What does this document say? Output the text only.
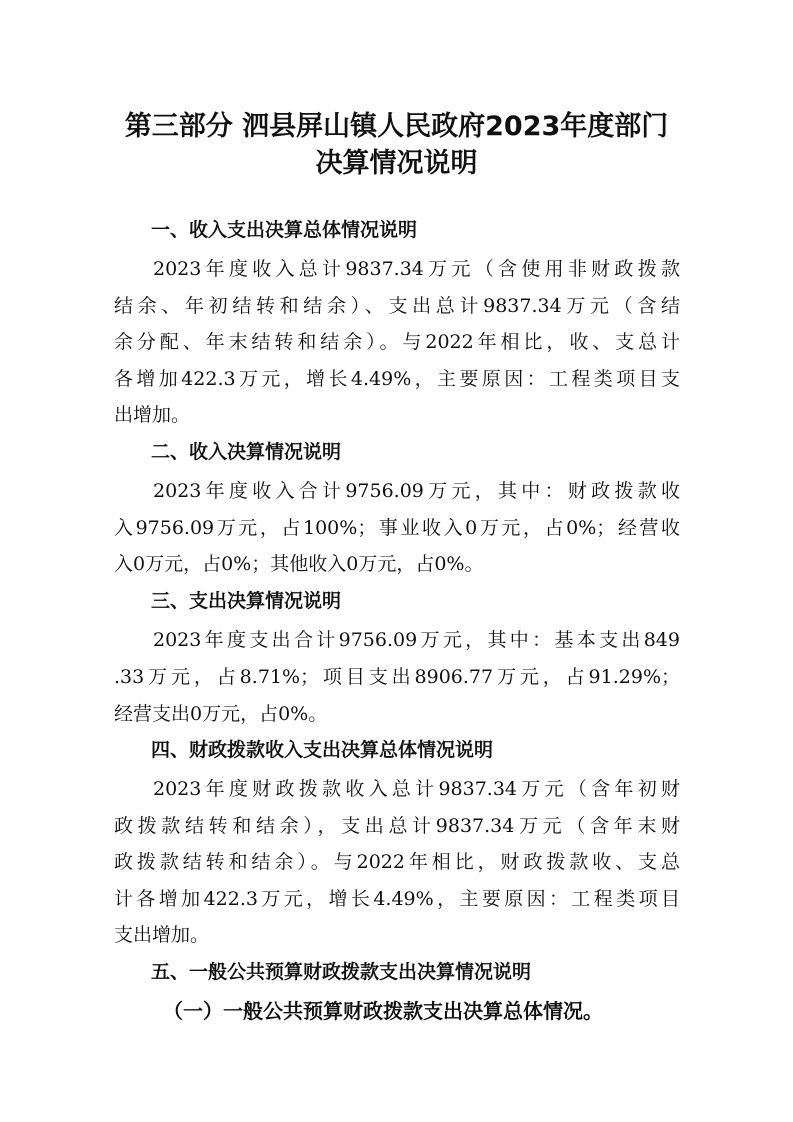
第三部分 泗县屏山镇人民政府2023年度部门
决算情况说明
一、收入支出决算总体情况说明
2023年度收入总计9837.34万元（含使用非财政拨款
结余、年初结转和结余）、支出总计9837.34万元（含结
余分配、年末结转和结余）。与2022年相比，收、支总计
各增加422.3万元，增长4.49%，主要原因：工程类项目支
出增加。
二、收入决算情况说明
2023年度收入合计9756.09万元，其中：财政拨款收
入9756.09万元，占100%；事业收入0万元，占0%；经营收
入0万元，占0%；其他收入0万元，占0%。
三、支出决算情况说明
2023年度支出合计9756.09万元，其中：基本支出849
.33万元，占8.71%；项目支出8906.77万元，占91.29%；
经营支出0万元，占0%。
四、财政拨款收入支出决算总体情况说明
2023年度财政拨款收入总计9837.34万元（含年初财
政拨款结转和结余），支出总计9837.34万元（含年末财
政拨款结转和结余）。与2022年相比，财政拨款收、支总
计各增加422.3万元，增长4.49%，主要原因：工程类项目
支出增加。
五、一般公共预算财政拨款支出决算情况说明
（一）一般公共预算财政拨款支出决算总体情况。
